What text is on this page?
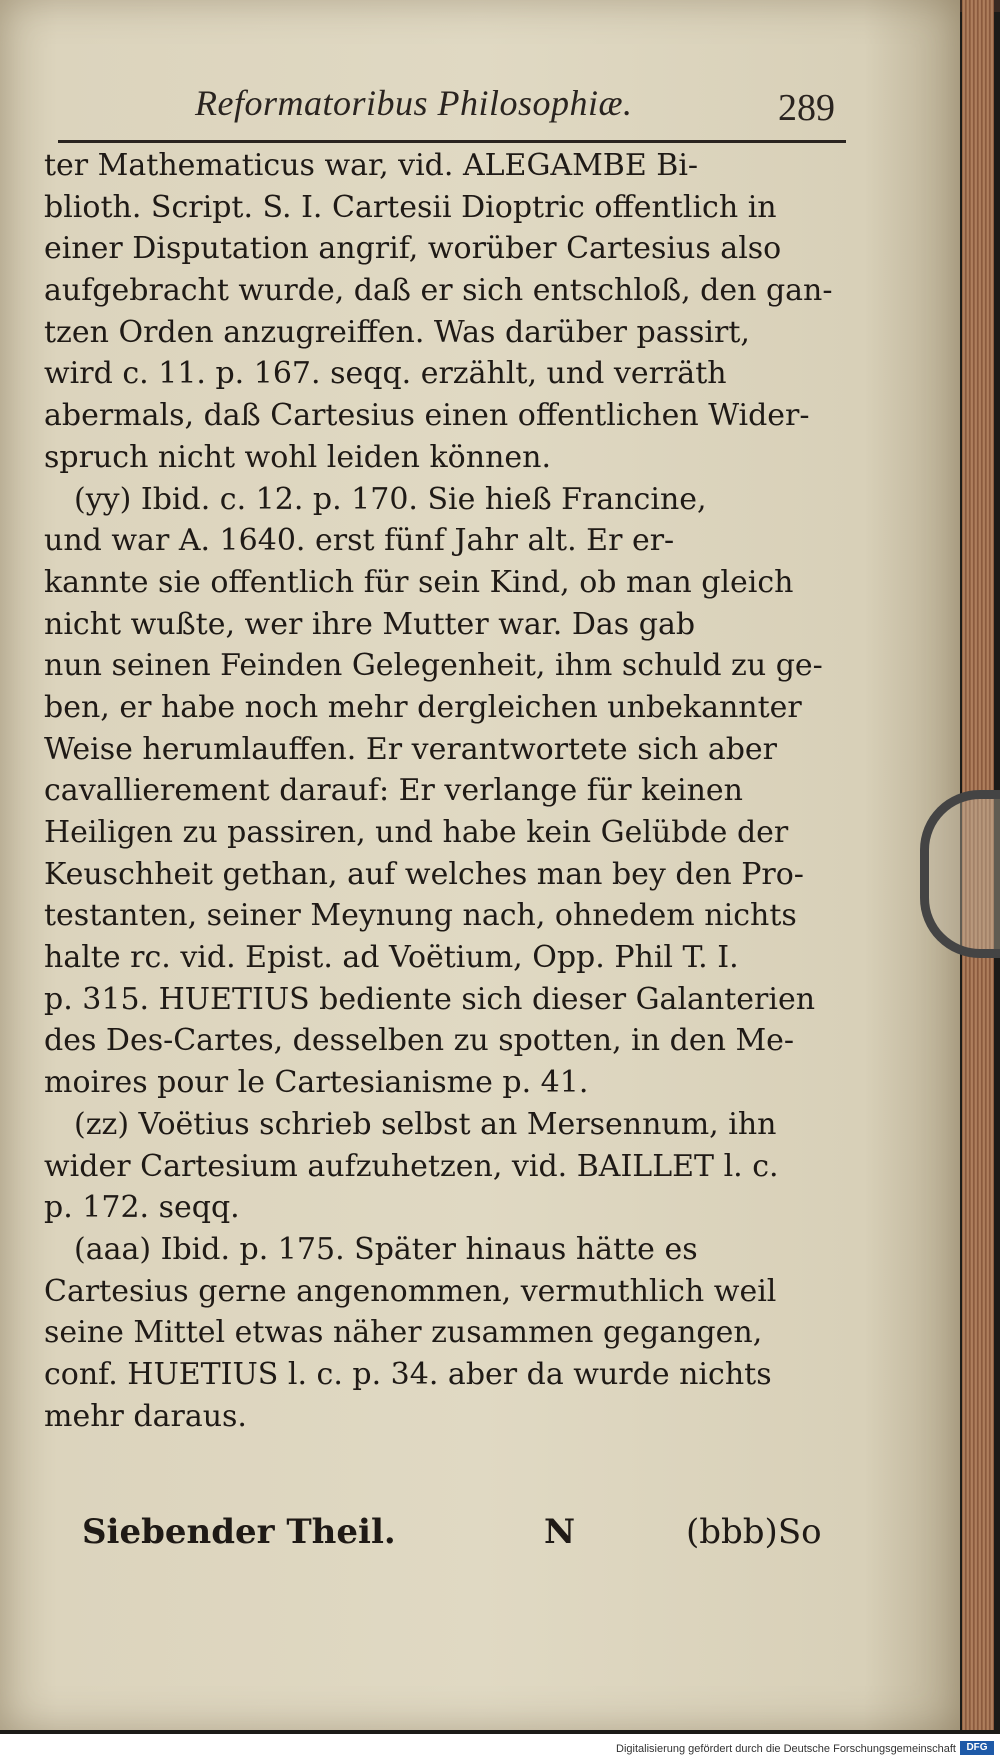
Reformatoribus Philosophiæ.	289
ter Mathematicus war, vid. ALEGAMBE Bi-
blioth. Script. S. I. Cartesii Dioptric offentlich in
einer Disputation angrif, worüber Cartesius also
aufgebracht wurde, daß er sich entschloß, den gan-
tzen Orden anzugreiffen. Was darüber passirt,
wird c. 11. p. 167. seqq. erzählt, und verräth
abermals, daß Cartesius einen offentlichen Wider-
spruch nicht wohl leiden können.
(yy) Ibid. c. 12. p. 170. Sie hieß Francine,
und war A. 1640. erst fünf Jahr alt. Er er-
kannte sie offentlich für sein Kind, ob man gleich
nicht wußte, wer ihre Mutter war. Das gab
nun seinen Feinden Gelegenheit, ihm schuld zu ge-
ben, er habe noch mehr dergleichen unbekannter
Weise herumlauffen. Er verantwortete sich aber
cavallierement darauf: Er verlange für keinen
Heiligen zu passiren, und habe kein Gelübde der
Keuschheit gethan, auf welches man bey den Pro-
testanten, seiner Meynung nach, ohnedem nichts
halte rc. vid. Epist. ad Voëtium, Opp. Phil T. I.
p. 315. HUETIUS bediente sich dieser Galanterien
des Des-Cartes, desselben zu spotten, in den Me-
moires pour le Cartesianisme p. 41.
(zz) Voëtius schrieb selbst an Mersennum, ihn
wider Cartesium aufzuhetzen, vid. BAILLET l. c.
p. 172. seqq.
(aaa) Ibid. p. 175. Später hinaus hätte es
Cartesius gerne angenommen, vermuthlich weil
seine Mittel etwas näher zusammen gegangen,
conf. HUETIUS l. c. p. 34. aber da wurde nichts
mehr daraus.
Siebender Theil.	N	(bbb)So
Digitalisierung gefördert durch die Deutsche Forschungsgemeinschaft	DFG
